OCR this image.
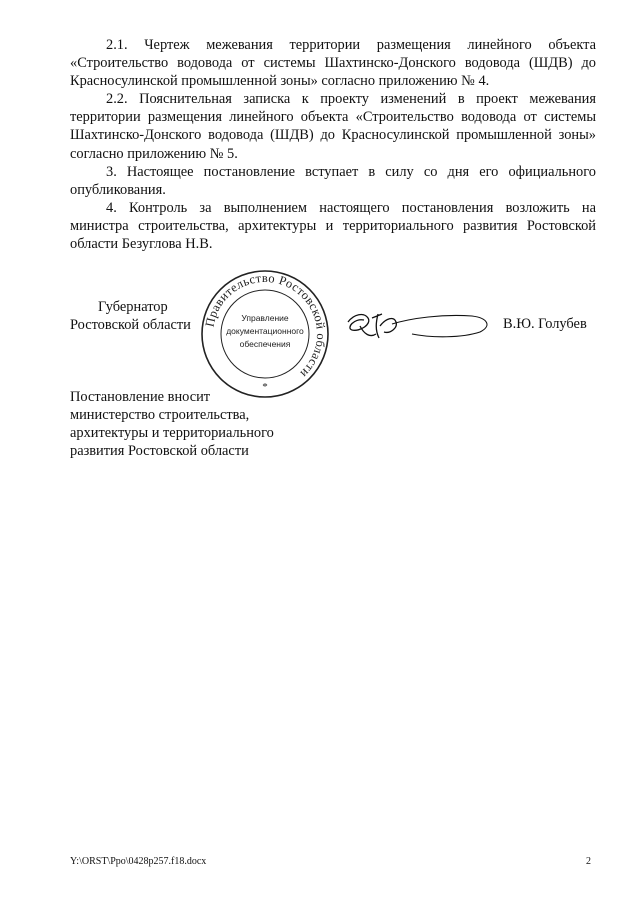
2.1. Чертеж межевания территории размещения линейного объекта «Строительство водовода от системы Шахтинско-Донского водовода (ШДВ) до Красносулинской промышленной зоны» согласно приложению № 4.

2.2. Пояснительная записка к проекту изменений в проект межевания территории размещения линейного объекта «Строительство водовода от системы Шахтинско-Донского водовода (ШДВ) до Красносулинской промышленной зоны» согласно приложению № 5.

3. Настоящее постановление вступает в силу со дня его официального опубликования.

4. Контроль за выполнением настоящего постановления возложить на министра строительства, архитектуры и территориального развития Ростовской области Безуглова Н.В.

Губернатор
Ростовской области Правительство Ростовской области
Управление
документационного
обеспечения
*
В.Ю. Голубев
Постановление вносит
министерство строительства,
архитектуры и территориального
развития Ростовской области
Y:\ORST\Ppo\0428p257.f18.docx	2
